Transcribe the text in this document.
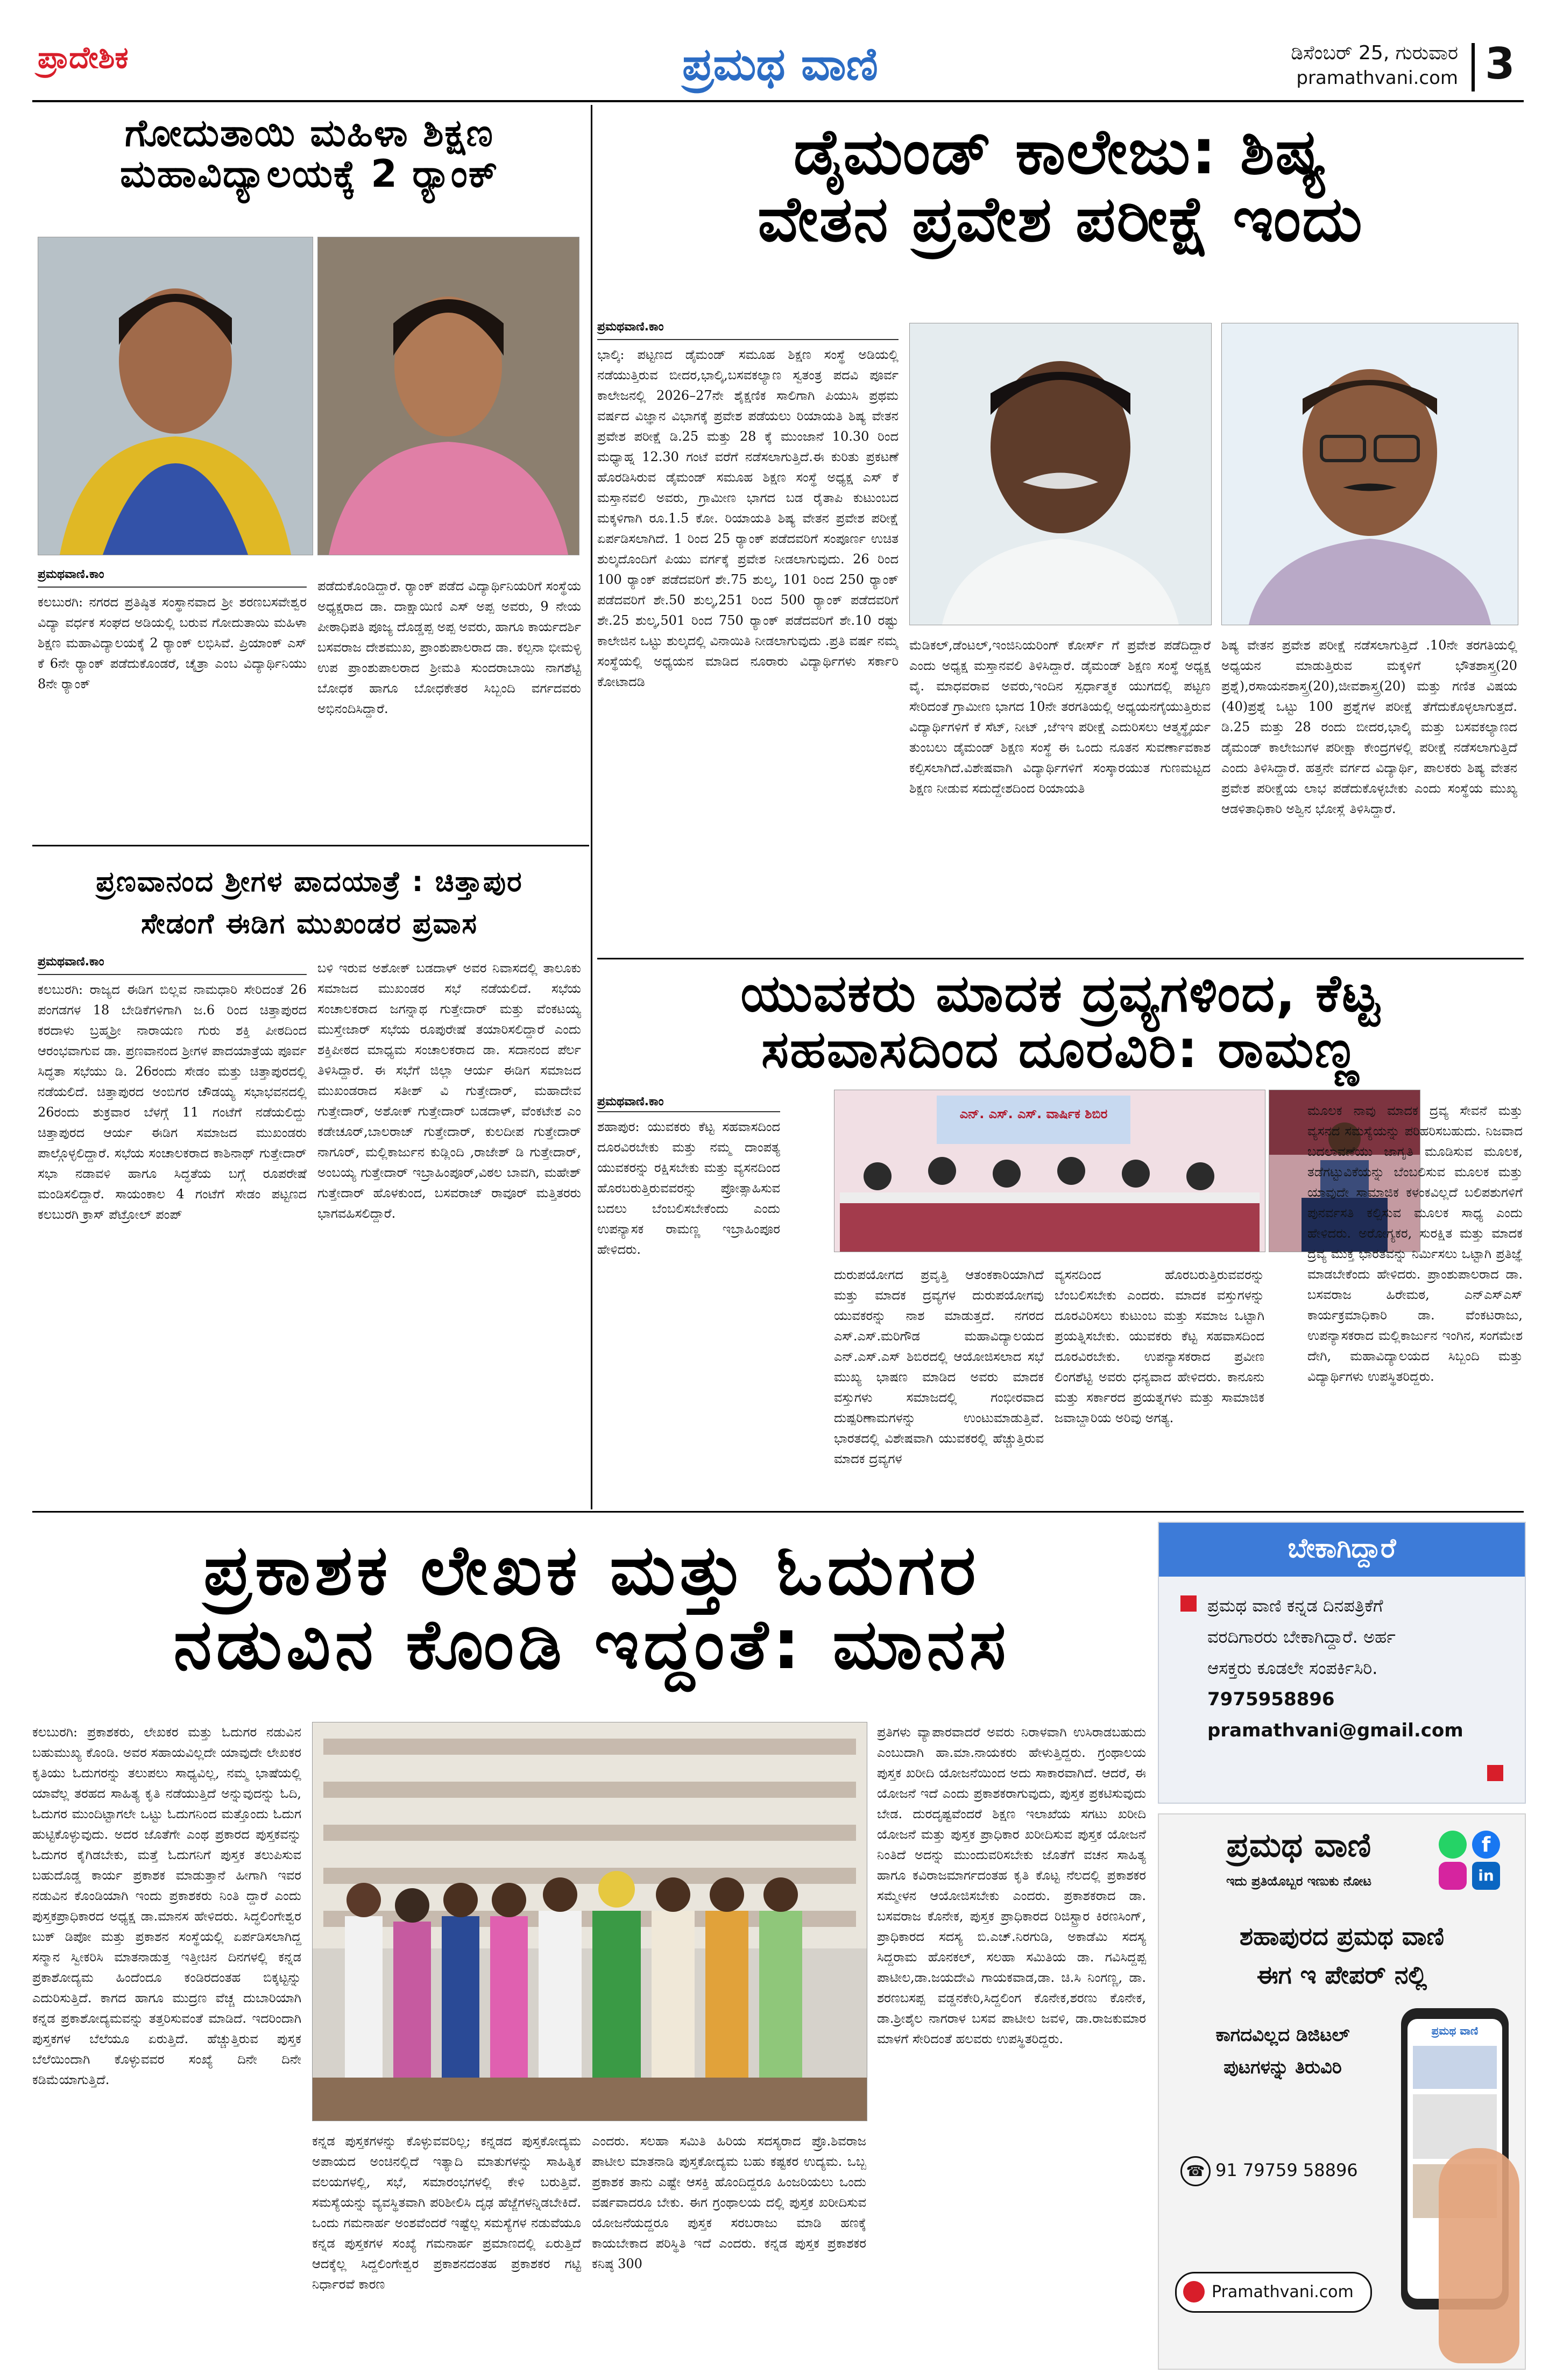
ಪ್ರಾದೇಶಿಕ	ಪ್ರಮಥ ವಾಣಿ	ಡಿಸೆಂಬರ್ 25, ಗುರುವಾರ
pramathvani.com 3
ಗೋದುತಾಯಿ ಮಹಿಳಾ ಶಿಕ್ಷಣ
ಮಹಾವಿದ್ಯಾಲಯಕ್ಕೆ 2 ರ‍್ಯಾಂಕ್
ಪ್ರಮಥವಾಣಿ.ಕಾಂ
ಕಲಬುರಗಿ: ನಗರದ ಪ್ರತಿಷ್ಠಿತ ಸಂಸ್ಥಾನವಾದ ಶ್ರೀ ಶರಣಬಸವೇಶ್ವರ ವಿದ್ಯಾ ವರ್ಧಕ ಸಂಘದ ಅಡಿಯಲ್ಲಿ ಬರುವ ಗೋದುತಾಯಿ ಮಹಿಳಾ ಶಿಕ್ಷಣ ಮಹಾವಿದ್ಯಾಲಯಕ್ಕೆ 2 ರ‍್ಯಾಂಕ್ ಲಭಿಸಿವೆ. ಪ್ರಿಯಾಂಕ್ ಎಸ್ ಕೆ 6ನೇ ರ‍್ಯಾಂಕ್ ಪಡೆದುಕೊಂಡರೆ, ಚೈತ್ರಾ ಎಂಬ ವಿದ್ಯಾರ್ಥಿನಿಯು 8ನೇ ರ‍್ಯಾಂಕ್
ಪಡೆದುಕೊಂಡಿದ್ದಾರೆ. ರ‍್ಯಾಂಕ್ ಪಡೆದ ವಿದ್ಯಾರ್ಥಿನಿಯರಿಗೆ ಸಂಸ್ಥೆಯ ಅಧ್ಯಕ್ಷರಾದ ಡಾ. ದಾಕ್ಷಾಯಿಣಿ ಎಸ್ ಅಪ್ಪ ಅವರು, 9 ನೇಯ ಪೀಠಾಧಿಪತಿ ಪೂಜ್ಯ ದೊಡ್ಡಪ್ಪ ಅಪ್ಪ ಅವರು, ಹಾಗೂ ಕಾರ್ಯದರ್ಶಿ ಬಸವರಾಜ ದೇಶಮುಖ, ಪ್ರಾಂಶುಪಾಲರಾದ ಡಾ. ಕಲ್ಪನಾ ಭೀಮಳ್ಳಿ ಉಪ ಪ್ರಾಂಶುಪಾಲರಾದ ಶ್ರೀಮತಿ ಸುಂದರಾಬಾಯಿ ನಾಗಶೆಟ್ಟಿ ಬೋಧಕ ಹಾಗೂ ಬೋಧಕೇತರ ಸಿಬ್ಬಂದಿ ವರ್ಗದವರು ಅಭಿನಂದಿಸಿದ್ದಾರೆ.
ಪ್ರಣವಾನಂದ ಶ್ರೀಗಳ ಪಾದಯಾತ್ರೆ : ಚಿತ್ತಾಪುರ
ಸೇಡಂಗೆ ಈಡಿಗ ಮುಖಂಡರ ಪ್ರವಾಸ
ಪ್ರಮಥವಾಣಿ.ಕಾಂ
ಕಲಬುರಗಿ: ರಾಜ್ಯದ ಈಡಿಗ ಬಿಲ್ಲವ ನಾಮಧಾರಿ ಸೇರಿದಂತೆ 26 ಪಂಗಡಗಳ 18 ಬೇಡಿಕೆಗಳಿಗಾಗಿ ಜ.6 ರಿಂದ ಚಿತ್ತಾಪುರದ ಕರದಾಳು ಬ್ರಹ್ಮಶ್ರೀ ನಾರಾಯಣ ಗುರು ಶಕ್ತಿ ಪೀಠದಿಂದ ಆರಂಭವಾಗುವ ಡಾ. ಪ್ರಣವಾನಂದ ಶ್ರೀಗಳ ಪಾದಯಾತ್ರೆಯ ಪೂರ್ವ ಸಿದ್ಧತಾ ಸಭೆಯು ಡಿ. 26ರಂದು ಸೇಡಂ ಮತ್ತು ಚಿತ್ತಾಪುರದಲ್ಲಿ ನಡೆಯಲಿದೆ. ಚಿತ್ತಾಪುರದ ಅಂಬಿಗರ ಚೌಡಯ್ಯ ಸಭಾಭವನದಲ್ಲಿ 26ರಂದು ಶುಕ್ರವಾರ ಬೆಳಗ್ಗೆ 11 ಗಂಟೆಗೆ ನಡೆಯಲಿದ್ದು ಚಿತ್ತಾಪುರದ ಆರ್ಯ ಈಡಿಗ ಸಮಾಜದ ಮುಖಂಡರು ಪಾಲ್ಗೊಳ್ಳಲಿದ್ದಾರೆ. ಸಭೆಯ ಸಂಚಾಲಕರಾದ ಕಾಶಿನಾಥ್ ಗುತ್ತೇದಾರ್ ಸಭಾ ನಡಾವಳಿ ಹಾಗೂ ಸಿದ್ಧತೆಯ ಬಗ್ಗೆ ರೂಪರೇಷೆ ಮಂಡಿಸಲಿದ್ದಾರೆ. ಸಾಯಂಕಾಲ 4 ಗಂಟೆಗೆ ಸೇಡಂ ಪಟ್ಟಣದ ಕಲಬುರಗಿ ಕ್ರಾಸ್ ಪೆಟ್ರೋಲ್ ಪಂಪ್
ಬಳಿ ಇರುವ ಅಶೋಕ್ ಬಡದಾಳ್ ಅವರ ನಿವಾಸದಲ್ಲಿ ತಾಲೂಕು ಸಮಾಜದ ಮುಖಂಡರ ಸಭೆ ನಡೆಯಲಿದೆ. ಸಭೆಯ ಸಂಚಾಲಕರಾದ ಜಗನ್ನಾಥ ಗುತ್ತೇದಾರ್ ಮತ್ತು ವೆಂಕಟಯ್ಯ ಮುಸ್ತೇಜಾರ್ ಸಭೆಯ ರೂಪುರೇಷೆ ತಯಾರಿಸಲಿದ್ದಾರೆ ಎಂದು ಶಕ್ತಿಪೀಠದ ಮಾಧ್ಯಮ ಸಂಚಾಲಕರಾದ ಡಾ. ಸದಾನಂದ ಪೆರ್ಲ ತಿಳಿಸಿದ್ದಾರೆ. ಈ ಸಭೆಗೆ ಜಿಲ್ಲಾ ಆರ್ಯ ಈಡಿಗ ಸಮಾಜದ ಮುಖಂಡರಾದ ಸತೀಶ್ ವಿ ಗುತ್ತೇದಾರ್, ಮಹಾದೇವ ಗುತ್ತೇದಾರ್, ಅಶೋಕ್ ಗುತ್ತೇದಾರ್ ಬಡದಾಳ್, ವೆಂಕಟೇಶ ಎಂ ಕಡೇಚೂರ್,ಬಾಲರಾಜ್ ಗುತ್ತೇದಾರ್, ಕುಲದೀಪ ಗುತ್ತೇದಾರ್ ನಾಗೂರ್, ಮಲ್ಲಿಕಾರ್ಜುನ ಕುಡ್ಲಿಂದಿ ,ರಾಜೇಶ್ ಡಿ ಗುತ್ತೇದಾರ್, ಅಂಬಯ್ಯ ಗುತ್ತೇದಾರ್ ಇಬ್ರಾಹಿಂಪೂರ್,ವಿಠಲ ಬಾವಗಿ, ಮಹೇಶ್ ಗುತ್ತೇದಾರ್ ಹೊಳಕುಂದ, ಬಸವರಾಜ್ ರಾವೂರ್ ಮತ್ತಿತರರು ಭಾಗವಹಿಸಲಿದ್ದಾರೆ.
ಡೈಮಂಡ್ ಕಾಲೇಜು: ಶಿಷ್ಯ
ವೇತನ ಪ್ರವೇಶ ಪರೀಕ್ಷೆ ಇಂದು
ಪ್ರಮಥವಾಣಿ.ಕಾಂ
ಭಾಲ್ಕಿ: ಪಟ್ಟಣದ ಡೈಮಂಡ್ ಸಮೂಹ ಶಿಕ್ಷಣ ಸಂಸ್ಥೆ ಅಡಿಯಲ್ಲಿ ನಡೆಯುತ್ತಿರುವ ಬೀದರ,ಭಾಲ್ಕಿ,ಬಸವಕಲ್ಯಾಣ ಸ್ವತಂತ್ರ ಪದವಿ ಪೂರ್ವ ಕಾಲೇಜನಲ್ಲಿ 2026–27ನೇ ಶೈಕ್ಷಣಿಕ ಸಾಲಿಗಾಗಿ ಪಿಯುಸಿ ಪ್ರಥಮ ವರ್ಷದ ವಿಜ್ಞಾನ ವಿಭಾಗಕ್ಕೆ ಪ್ರವೇಶ ಪಡೆಯಲು ರಿಯಾಯತಿ ಶಿಷ್ಯ ವೇತನ ಪ್ರವೇಶ ಪರೀಕ್ಷೆ ಡಿ.25 ಮತ್ತು 28 ಕ್ಕೆ ಮುಂಜಾನೆ 10.30 ರಿಂದ ಮಧ್ಯಾಹ್ನ 12.30 ಗಂಟೆ ವರೆಗೆ ನಡೆಸಲಾಗುತ್ತಿದೆ.ಈ ಕುರಿತು ಪ್ರಕಟಣೆ ಹೊರಡಿಸಿರುವ ಡೈಮಂಡ್ ಸಮೂಹ ಶಿಕ್ಷಣ ಸಂಸ್ಥೆ ಅಧ್ಯಕ್ಷ ಎಸ್ ಕೆ ಮಸ್ತಾನವಲಿ ಅವರು, ಗ್ರಾಮೀಣ ಭಾಗದ ಬಡ ರೈತಾಪಿ ಕುಟುಂಬದ ಮಕ್ಕಳಿಗಾಗಿ ರೂ.1.5 ಕೋ. ರಿಯಾಯತಿ ಶಿಷ್ಯ ವೇತನ ಪ್ರವೇಶ ಪರೀಕ್ಷೆ ಏರ್ಪಡಿಸಲಾಗಿದೆ. 1 ರಿಂದ 25 ರ‍್ಯಾಂಕ್ ಪಡೆದವರಿಗೆ ಸಂಪೂರ್ಣ ಉಚಿತ ಶುಲ್ಕದೊಂದಿಗೆ ಪಿಯು ವರ್ಗಕ್ಕೆ ಪ್ರವೇಶ ನೀಡಲಾಗುವುದು. 26 ರಿಂದ 100 ರ‍್ಯಾಂಕ್ ಪಡೆದವರಿಗೆ ಶೇ.75 ಶುಲ್ಕ, 101 ರಿಂದ 250 ರ‍್ಯಾಂಕ್ ಪಡೆದವರಿಗೆ ಶೇ.50 ಶುಲ್ಕ,251 ರಿಂದ 500 ರ‍್ಯಾಂಕ್ ಪಡೆದವರಿಗೆ ಶೇ.25 ಶುಲ್ಕ,501 ರಿಂದ 750 ರ‍್ಯಾಂಕ್ ಪಡೆದವರಿಗೆ ಶೇ.10 ರಷ್ಟು ಕಾಲೇಜಿನ ಒಟ್ಟು ಶುಲ್ಕದಲ್ಲಿ ವಿನಾಯಿತಿ ನೀಡಲಾಗುವುದು .ಪ್ರತಿ ವರ್ಷ ನಮ್ಮ ಸಂಸ್ಥೆಯಲ್ಲಿ ಅಧ್ಯಯನ ಮಾಡಿದ ನೂರಾರು ವಿದ್ಯಾರ್ಥಿಗಳು ಸರ್ಕಾರಿ ಕೋಟಾದಡಿ
ಮೆಡಿಕಲ್,ಡೆಂಟಲ್,ಇಂಜಿನಿಯರಿಂಗ್ ಕೋರ್ಸ್ ಗೆ ಪ್ರವೇಶ ಪಡೆದಿದ್ದಾರೆ ಎಂದು ಅಧ್ಯಕ್ಷ ಮಸ್ತಾನವಲಿ ತಿಳಿಸಿದ್ದಾರೆ. ಡೈಮಂಡ್ ಶಿಕ್ಷಣ ಸಂಸ್ಥೆ ಅಧ್ಯಕ್ಷ ವೈ. ಮಾಧವರಾವ ಅವರು,ಇಂದಿನ ಸ್ಪರ್ಧಾತ್ಮಕ ಯುಗದಲ್ಲಿ ಪಟ್ಟಣ ಸೇರಿದಂತೆ ಗ್ರಾಮೀಣ ಭಾಗದ 10ನೇ ತರಗತಿಯಲ್ಲಿ ಅಧ್ಯಯನಗೈಯುತ್ತಿರುವ ವಿದ್ಯಾರ್ಥಿಗಳಿಗೆ ಕೆ ಸೆಟ್, ನೀಟ್ ,ಜೆಇಇ ಪರೀಕ್ಷೆ ಎದುರಿಸಲು ಆತ್ಮಸ್ಥೈರ್ಯ ತುಂಬಲು ಡೈಮಂಡ್ ಶಿಕ್ಷಣ ಸಂಸ್ಥೆ ಈ ಒಂದು ನೂತನ ಸುವರ್ಣಾವಕಾಶ ಕಲ್ಪಿಸಲಾಗಿದೆ.ವಿಶೇಷವಾಗಿ ವಿದ್ಯಾರ್ಥಿಗಳಿಗೆ ಸಂಸ್ಕಾರಯುತ ಗುಣಮಟ್ಟದ ಶಿಕ್ಷಣ ನೀಡುವ ಸದುದ್ದೇಶದಿಂದ ರಿಯಾಯತಿ
ಶಿಷ್ಯ ವೇತನ ಪ್ರವೇಶ ಪರೀಕ್ಷೆ ನಡೆಸಲಾಗುತ್ತಿದೆ .10ನೇ ತರಗತಿಯಲ್ಲಿ ಅಧ್ಯಯನ ಮಾಡುತ್ತಿರುವ ಮಕ್ಕಳಿಗೆ ಭೌತಶಾಸ್ತ್ರ(20 ಪ್ರಶ್ನೆ),ರಸಾಯನಶಾಸ್ತ್ರ(20),ಜೀವಶಾಸ್ತ್ರ(20) ಮತ್ತು ಗಣಿತ ವಿಷಯ (40)ಪ್ರಶ್ನೆ ಒಟ್ಟು 100 ಪ್ರಶ್ನೆಗಳ ಪರೀಕ್ಷೆ ತೆಗೆದುಕೊಳ್ಳಲಾಗುತ್ತದೆ. ಡಿ.25 ಮತ್ತು 28 ರಂದು ಬೀದರ,ಭಾಲ್ಕಿ ಮತ್ತು ಬಸವಕಲ್ಯಾಣದ ಡೈಮಂಡ್ ಕಾಲೇಜುಗಳ ಪರೀಕ್ಷಾ ಕೇಂದ್ರಗಳಲ್ಲಿ ಪರೀಕ್ಷೆ ನಡೆಸಲಾಗುತ್ತಿದೆ ಎಂದು ತಿಳಿಸಿದ್ದಾರೆ. ಹತ್ತನೇ ವರ್ಗದ ವಿದ್ಯಾರ್ಥಿ, ಪಾಲಕರು ಶಿಷ್ಯ ವೇತನ ಪ್ರವೇಶ ಪರೀಕ್ಷೆಯ ಲಾಭ ಪಡೆದುಕೊಳ್ಳಬೇಕು ಎಂದು ಸಂಸ್ಥೆಯ ಮುಖ್ಯ ಆಡಳಿತಾಧಿಕಾರಿ ಅಶ್ವಿನ ಭೋಸ್ಲೆ ತಿಳಿಸಿದ್ದಾರೆ.
ಯುವಕರು ಮಾದಕ ದ್ರವ್ಯಗಳಿಂದ, ಕೆಟ್ಟ
ಸಹವಾಸದಿಂದ ದೂರವಿರಿ: ರಾಮಣ್ಣ
ಪ್ರಮಥವಾಣಿ.ಕಾಂ
ಶಹಾಪುರ: ಯುವಕರು ಕೆಟ್ಟ ಸಹವಾಸದಿಂದ ದೂರವಿರಬೇಕು ಮತ್ತು ನಮ್ಮ ದಾಂಪತ್ಯ ಯುವಕರನ್ನು ರಕ್ಷಿಸಬೇಕು ಮತ್ತು ವ್ಯಸನದಿಂದ ಹೊರಬರುತ್ತಿರುವವರನ್ನು ಪ್ರೋತ್ಸಾಹಿಸುವ ಬದಲು ಬೆಂಬಲಿಸಬೇಕೆಂದು ಎಂದು ಉಪನ್ಯಾಸಕ ರಾಮಣ್ಣ ಇಬ್ರಾಹಿಂಪೂರ ಹೇಳಿದರು.
ಎನ್. ಎಸ್. ಎಸ್. ವಾರ್ಷಿಕ ಶಿಬಿರ
ದುರುಪಯೋಗದ ಪ್ರವೃತ್ತಿ ಆತಂಕಕಾರಿಯಾಗಿದೆ ಮತ್ತು ಮಾದಕ ದ್ರವ್ಯಗಳ ದುರುಪಯೋಗವು ಯುವಕರನ್ನು ನಾಶ ಮಾಡುತ್ತದೆ. ನಗರದ ಎಸ್.ಎಸ್.ಮರಿಗೌಡ ಮಹಾವಿದ್ಯಾಲಯದ ಎನ್.ಎಸ್.ಎಸ್ ಶಿಬಿರದಲ್ಲಿ ಆಯೋಜಿಸಲಾದ ಸಭೆ ಮುಖ್ಯ ಭಾಷಣ ಮಾಡಿದ ಅವರು ಮಾದಕ ವಸ್ತುಗಳು ಸಮಾಜದಲ್ಲಿ ಗಂಭೀರವಾದ ದುಷ್ಪರಿಣಾಮಗಳನ್ನು ಉಂಟುಮಾಡುತ್ತಿವೆ. ಭಾರತದಲ್ಲಿ ವಿಶೇಷವಾಗಿ ಯುವಕರಲ್ಲಿ ಹೆಚ್ಚುತ್ತಿರುವ ಮಾದಕ ದ್ರವ್ಯಗಳ
ವ್ಯಸನದಿಂದ ಹೊರಬರುತ್ತಿರುವವರನ್ನು ಬೆಂಬಲಿಸಬೇಕು ಎಂದರು. ಮಾದಕ ವಸ್ತುಗಳನ್ನು ದೂರವಿರಿಸಲು ಕುಟುಂಬ ಮತ್ತು ಸಮಾಜ ಒಟ್ಟಾಗಿ ಪ್ರಯತ್ನಿಸಬೇಕು. ಯುವಕರು ಕೆಟ್ಟ ಸಹವಾಸದಿಂದ ದೂರವಿರಬೇಕು. ಉಪನ್ಯಾಸಕರಾದ ಪ್ರವೀಣ ಲಿಂಗಶೆಟ್ಟಿ ಅವರು ಧನ್ಯವಾದ ಹೇಳಿದರು. ಕಾನೂನು ಮತ್ತು ಸರ್ಕಾರದ ಪ್ರಯತ್ನಗಳು ಮತ್ತು ಸಾಮಾಜಿಕ ಜವಾಬ್ದಾರಿಯ ಅರಿವು ಅಗತ್ಯ.
ಮೂಲಕ ನಾವು ಮಾದಕ ದ್ರವ್ಯ ಸೇವನೆ ಮತ್ತು ವ್ಯಸನದ ಸಮಸ್ಯೆಯನ್ನು ಪರಿಹರಿಸಬಹುದು. ನಿಜವಾದ ಬದಲಾವಣೆಯು ಜಾಗೃತಿ ಮೂಡಿಸುವ ಮೂಲಕ, ತಡೆಗಟ್ಟುವಿಕೆಯನ್ನು ಬೆಂಬಲಿಸುವ ಮೂಲಕ ಮತ್ತು ಯಾವುದೇ ಸಾಮಾಜಿಕ ಕಳಂಕವಿಲ್ಲದೆ ಬಲಿಪಶುಗಳಿಗೆ ಪುನರ್ವಸತಿ ಕಲ್ಪಿಸುವ ಮೂಲಕ ಸಾಧ್ಯ ಎಂದು ಹೇಳಿದರು. ಅರೋಗ್ಯಕರ, ಸುರಕ್ಷಿತ ಮತ್ತು ಮಾದಕ ದ್ರವ್ಯ ಮುಕ್ತ ಭಾರತವನ್ನು ನಿರ್ಮಿಸಲು ಒಟ್ಟಾಗಿ ಪ್ರತಿಜ್ಞೆ ಮಾಡಬೇಕೆಂದು ಹೇಳಿದರು. ಪ್ರಾಂಶುಪಾಲರಾದ ಡಾ. ಬಸವರಾಜ ಹಿರೇಮಠ, ಎನ್ಎಸ್ಎಸ್ ಕಾರ್ಯಕ್ರಮಾಧಿಕಾರಿ ಡಾ. ವೆಂಕಟರಾಜು, ಉಪನ್ಯಾಸಕರಾದ ಮಲ್ಲಿಕಾರ್ಜುನ ಇಂಗಿನ, ಸಂಗಮೇಶ ದೇಗಿ, ಮಹಾವಿದ್ಯಾಲಯದ ಸಿಬ್ಬಂದಿ ಮತ್ತು ವಿದ್ಯಾರ್ಥಿಗಳು ಉಪಸ್ಥಿತರಿದ್ದರು.
ಪ್ರಕಾಶಕ ಲೇಖಕ ಮತ್ತು ಓದುಗರ
ನಡುವಿನ ಕೊಂಡಿ ಇದ್ದಂತೆ: ಮಾನಸ
ಕಲಬುರಗಿ: ಪ್ರಕಾಶಕರು, ಲೇಖಕರ ಮತ್ತು ಓದುಗರ ನಡುವಿನ ಬಹುಮುಖ್ಯ ಕೊಂಡಿ. ಅವರ ಸಹಾಯವಿಲ್ಲದೇ ಯಾವುದೇ ಲೇಖಕರ ಕೃತಿಯು ಓದುಗರನ್ನು ತಲುಪಲು ಸಾಧ್ಯವಿಲ್ಲ, ನಮ್ಮ ಭಾಷೆಯಲ್ಲಿ ಯಾವೆಲ್ಲ ತರಹದ ಸಾಹಿತ್ಯ ಕೃತಿ ನಡೆಯುತ್ತಿದೆ ಅನ್ನುವುದನ್ನು ಓದಿ, ಓದುಗರ ಮುಂದಿಟ್ಟಾಗಲೇ ಒಟ್ಟು ಓದುಗನಿಂದ ಮತ್ತೊಂದು ಓದುಗ ಹುಟ್ಟಿಕೊಳ್ಳುವುದು. ಅದರ ಜೊತೆಗೇ ಎಂಥ ಪ್ರಕಾರದ ಪುಸ್ತಕವನ್ನು ಓದುಗರ ಕೈಗಿಡಬೇಕು, ಮತ್ತೆ ಓದುಗನಿಗೆ ಪುಸ್ತಕ ತಲುಪಿಸುವ ಬಹುದೊಡ್ಡ ಕಾರ್ಯ ಪ್ರಕಾಶಕ ಮಾಡುತ್ತಾನೆ ಹೀಗಾಗಿ ಇವರ ನಡುವಿನ ಕೊಂಡಿಯಾಗಿ ಇಂದು ಪ್ರಕಾಶಕರು ನಿಂತಿ ದ್ದಾರೆ ಎಂದು ಪುಸ್ತಕಪ್ರಾಧಿಕಾರದ ಅಧ್ಯಕ್ಷ ಡಾ.ಮಾನಸ ಹೇಳಿದರು. ಸಿದ್ಧಲಿಂಗೇಶ್ವರ ಬುಕ್ ಡಿಪೋ ಮತ್ತು ಪ್ರಕಾಶನ ಸಂಸ್ಥೆಯಲ್ಲಿ ಏರ್ಪಡಿಸಲಾಗಿದ್ದ ಸನ್ಮಾನ ಸ್ವೀಕರಿಸಿ ಮಾತನಾಡುತ್ತ ಇತ್ತೀಚಿನ ದಿನಗಳಲ್ಲಿ ಕನ್ನಡ ಪ್ರಕಾಶೋದ್ಯಮ ಹಿಂದೆಂದೂ ಕಂಡಿರದಂತಹ ಬಿಕ್ಕಟ್ಟನ್ನು ಎದುರಿಸುತ್ತಿದೆ. ಕಾಗದ ಹಾಗೂ ಮುದ್ರಣ ವೆಚ್ಚ ದುಬಾರಿಯಾಗಿ ಕನ್ನಡ ಪ್ರಕಾಶೋದ್ಯಮವನ್ನು ತತ್ತರಿಸುವಂತೆ ಮಾಡಿದೆ. ಇದರಿಂದಾಗಿ ಪುಸ್ತಕಗಳ ಬೆಲೆಯೂ ಏರುತ್ತಿದೆ. ಹೆಚ್ಚುತ್ತಿರುವ ಪುಸ್ತಕ ಬೆಲೆಯಿಂದಾಗಿ ಕೊಳ್ಳುವವರ ಸಂಖ್ಯೆ ದಿನೇ ದಿನೇ ಕಡಿಮೆಯಾಗುತ್ತಿದೆ.
ಕನ್ನಡ ಪುಸ್ತಕಗಳನ್ನು ಕೊಳ್ಳುವವರಿಲ್ಲ; ಕನ್ನಡದ ಪುಸ್ತಕೋದ್ಯಮ ಅಪಾಯದ ಅಂಚಿನಲ್ಲಿದೆ ಇತ್ಯಾದಿ ಮಾತುಗಳನ್ನು ಸಾಹಿತ್ಯಿಕ ವಲಯಗಳಲ್ಲಿ, ಸಭೆ, ಸಮಾರಂಭಗಳಲ್ಲಿ ಕೇಳಿ ಬರುತ್ತಿವೆ. ಸಮಸ್ಯೆಯನ್ನು ವ್ಯವಸ್ಥಿತವಾಗಿ ಪರಿಶೀಲಿಸಿ ದೃಢ ಹೆಜ್ಜೆಗಳನ್ನಿಡಬೇಕಿದೆ. ಒಂದು ಗಮನಾರ್ಹ ಅಂಶವೆಂದರೆ ಇಷ್ಟೆಲ್ಲ ಸಮಸ್ಯೆಗಳ ನಡುವೆಯೂ ಕನ್ನಡ ಪುಸ್ತಕಗಳ ಸಂಖ್ಯೆ ಗಮನಾರ್ಹ ಪ್ರಮಾಣದಲ್ಲಿ ಏರುತ್ತಿದೆ ಆದಕ್ಕೆಲ್ಲ ಸಿದ್ದಲಿಂಗೇಶ್ವರ ಪ್ರಕಾಶನದಂತಹ ಪ್ರಕಾಶಕರ ಗಟ್ಟಿ ನಿರ್ಧಾರವೆ ಕಾರಣ
ಎಂದರು. ಸಲಹಾ ಸಮಿತಿ ಹಿರಿಯ ಸದಸ್ಯರಾದ ಪ್ರೊ.ಶಿವರಾಜ ಪಾಟೀಲ ಮಾತನಾಡಿ ಪುಸ್ತಕೋದ್ಯಮ ಬಹು ಕಷ್ಟಕರ ಉದ್ಯಮ. ಒಬ್ಬ ಪ್ರಕಾಶಕ ತಾನು ಎಷ್ಟೇ ಆಸಕ್ತಿ ಹೊಂದಿದ್ದರೂ ಹಿಂಜರಿಯಲು ಒಂದು ವರ್ಷವಾದರೂ ಬೇಕು. ಈಗ ಗ್ರಂಥಾಲಯ ದಲ್ಲಿ ಪುಸ್ತಕ ಖರೀದಿಸುವ ಯೋಜನೆಯದ್ದರೂ ಪುಸ್ತಕ ಸರಬರಾಜು ಮಾಡಿ ಹಣಕ್ಕೆ ಕಾಯಬೇಕಾದ ಪರಿಸ್ಥಿತಿ ಇದೆ ಎಂದರು. ಕನ್ನಡ ಪುಸ್ತಕ ಪ್ರಕಾಶಕರ ಕನಿಷ್ಠ 300
ಪ್ರತಿಗಳು ವ್ಯಾಪಾರವಾದರೆ ಅವರು ನಿರಾಳವಾಗಿ ಉಸಿರಾಡಬಹುದು ಎಂಬುದಾಗಿ ಹಾ.ಮಾ.ನಾಯಕರು ಹೇಳುತ್ತಿದ್ದರು. ಗ್ರಂಥಾಲಯ ಪುಸ್ತಕ ಖರೀದಿ ಯೋಜನೆಯಿಂದ ಅದು ಸಾಕಾರವಾಗಿದೆ. ಆದರೆ, ಈ ಯೋಜನೆ ಇದೆ ಎಂದು ಪ್ರಕಾಶಕರಾಗುವುದು, ಪುಸ್ತಕ ಪ್ರಕಟಿಸುವುದು ಬೇಡ. ದುರದೃಷ್ಟವೆಂದರೆ ಶಿಕ್ಷಣ ಇಲಾಖೆಯ ಸಗಟು ಖರೀದಿ ಯೋಜನೆ ಮತ್ತು ಪುಸ್ತಕ ಪ್ರಾಧಿಕಾರ ಖರೀದಿಸುವ ಪುಸ್ತಕ ಯೋಜನೆ ನಿಂತಿದೆ ಅದನ್ನು ಮುಂದುವರಿಸಬೇಕು ಜೊತೆಗೆ ವಚನ ಸಾಹಿತ್ಯ ಹಾಗೂ ಕವಿರಾಜಮಾರ್ಗದಂತಹ ಕೃತಿ ಕೊಟ್ಟ ನೆಲದಲ್ಲಿ ಪ್ರಕಾಶಕರ ಸಮ್ಮೇಳನ ಆಯೋಜಿಸಬೇಕು ಎಂದರು. ಪ್ರಕಾಶಕರಾದ ಡಾ. ಬಸವರಾಜ ಕೊನೇಕ, ಪುಸ್ತಕ ಪ್ರಾಧಿಕಾರದ ರಿಜಿಸ್ಟ್ರಾರ ಕಿರಣಸಿಂಗ್, ಪ್ರಾಧಿಕಾರದ ಸದಸ್ಯ ಬಿ.ಎಚ್.ನಿರಗುಡಿ, ಅಕಾಡೆಮಿ ಸದಸ್ಯ ಸಿದ್ದರಾಮ ಹೊನಕಲ್, ಸಲಹಾ ಸಮಿತಿಯ ಡಾ. ಗವಿಸಿದ್ದಪ್ಪ ಪಾಟೀಲ,ಡಾ.ಜಯದೇವಿ ಗಾಯಕವಾಡ,ಡಾ. ಚಿ.ಸಿ ನಿಂಗಣ್ಣ, ಡಾ. ಶರಣಬಸಪ್ಪ ವಡ್ಡನಕೇರಿ,ಸಿದ್ದಲಿಂಗ ಕೊನೇಕ,ಶರಣು ಕೊನೇಕ, ಡಾ.ಶ್ರೀಶೈಲ ನಾಗರಾಳ ಬಸವ ಪಾಟೀಲ ಜವಳಿ, ಡಾ.ರಾಜಕುಮಾರ ಮಾಳಗೆ ಸೇರಿದಂತೆ ಹಲವರು ಉಪಸ್ಥಿತರಿದ್ದರು.
ಬೇಕಾಗಿದ್ದಾರೆ
ಪ್ರಮಥ ವಾಣಿ ಕನ್ನಡ ದಿನಪತ್ರಿಕೆಗೆ
ವರದಿಗಾರರು ಬೇಕಾಗಿದ್ದಾರೆ. ಅರ್ಹ
ಆಸಕ್ತರು ಕೂಡಲೇ ಸಂಪರ್ಕಿಸಿರಿ.
7975958896
pramathvani@gmail.com
ಪ್ರಮಥ ವಾಣಿ
ಇದು ಪ್ರತಿಯೊಬ್ಬರ ಇಣುಕು ನೋಟ
f
in
ಶಹಾಪುರದ ಪ್ರಮಥ ವಾಣಿ
ಈಗ ಇ ಪೇಪರ್ ನಲ್ಲಿ
ಕಾಗದವಿಲ್ಲದ ಡಿಜಿಟಲ್
ಪುಟಗಳನ್ನು ತಿರುವಿರಿ
ಪ್ರಮಥ ವಾಣಿ
☎ 91 79759 58896
Pramathvani.com
